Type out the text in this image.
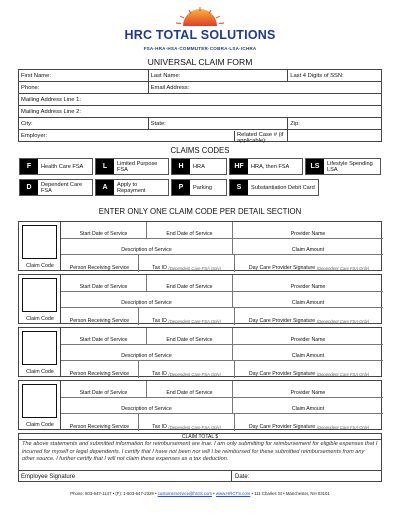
HRC TOTAL SOLUTIONS
FSA·HRA·HSA·COMMUTER·COBRA·LSA·ICHRA
UNIVERSAL CLAIM FORM
First Name:	Last Name:	Last 4 Digits of SSN:
Phone:	Email Address:	
Mailing Address Line 1:		
Mailing Address Line 2:		
City:	State:	Zip:
Employer: Related Case # (if applicable):		

CLAIMS CODES
F	Health Care FSA	L	Limited Purpose FSA	H	HRA	HF	HRA, then FSA	LS	Lifestyle Spending LSA
D	Dependent Care FSA	A	Apply to Repayment	P	Parking	S	Substantiation Debit Card
ENTER ONLY ONE CLAIM CODE PER DETAIL SECTION
Claim Code
Start Date of Service	End Date of Service	Provider Name
Description of Service	Claim Amount
Person Receiving Service	Tax ID (Dependent Care FSA Only)	Day Care Provider Signature (Dependent Care FSA Only)
Claim Code
Start Date of Service	End Date of Service	Provider Name
Description of Service	Claim Amount
Person Receiving Service	Tax ID (Dependent Care FSA Only)	Day Care Provider Signature (Dependent Care FSA Only)
Claim Code
Start Date of Service	End Date of Service	Provider Name
Description of Service	Claim Amount
Person Receiving Service	Tax ID (Dependent Care FSA Only)	Day Care Provider Signature (Dependent Care FSA Only)
Claim Code
Start Date of Service	End Date of Service	Provider Name
Description of Service	Claim Amount
Person Receiving Service	Tax ID (Dependent Care FSA Only)	Day Care Provider Signature (Dependent Care FSA Only)
CLAIM TOTAL $
The above statements and submitted information for reimbursement are true. I am only submitting for reimbursement for eligible expenses that I incurred for myself or legal dependents. I certify that I have not been nor will I be reimbursed for these submitted reimbursements from any other source. I further certify that I will not claim these expenses as a tax deduction.
Employee Signature	Date:
Phone: 603-647-1147 • (F): 1-603-647-2329 • customerservice@hrcts.com • www.HRCTS.com • 111 Charles St • Manchester, NH 03101
